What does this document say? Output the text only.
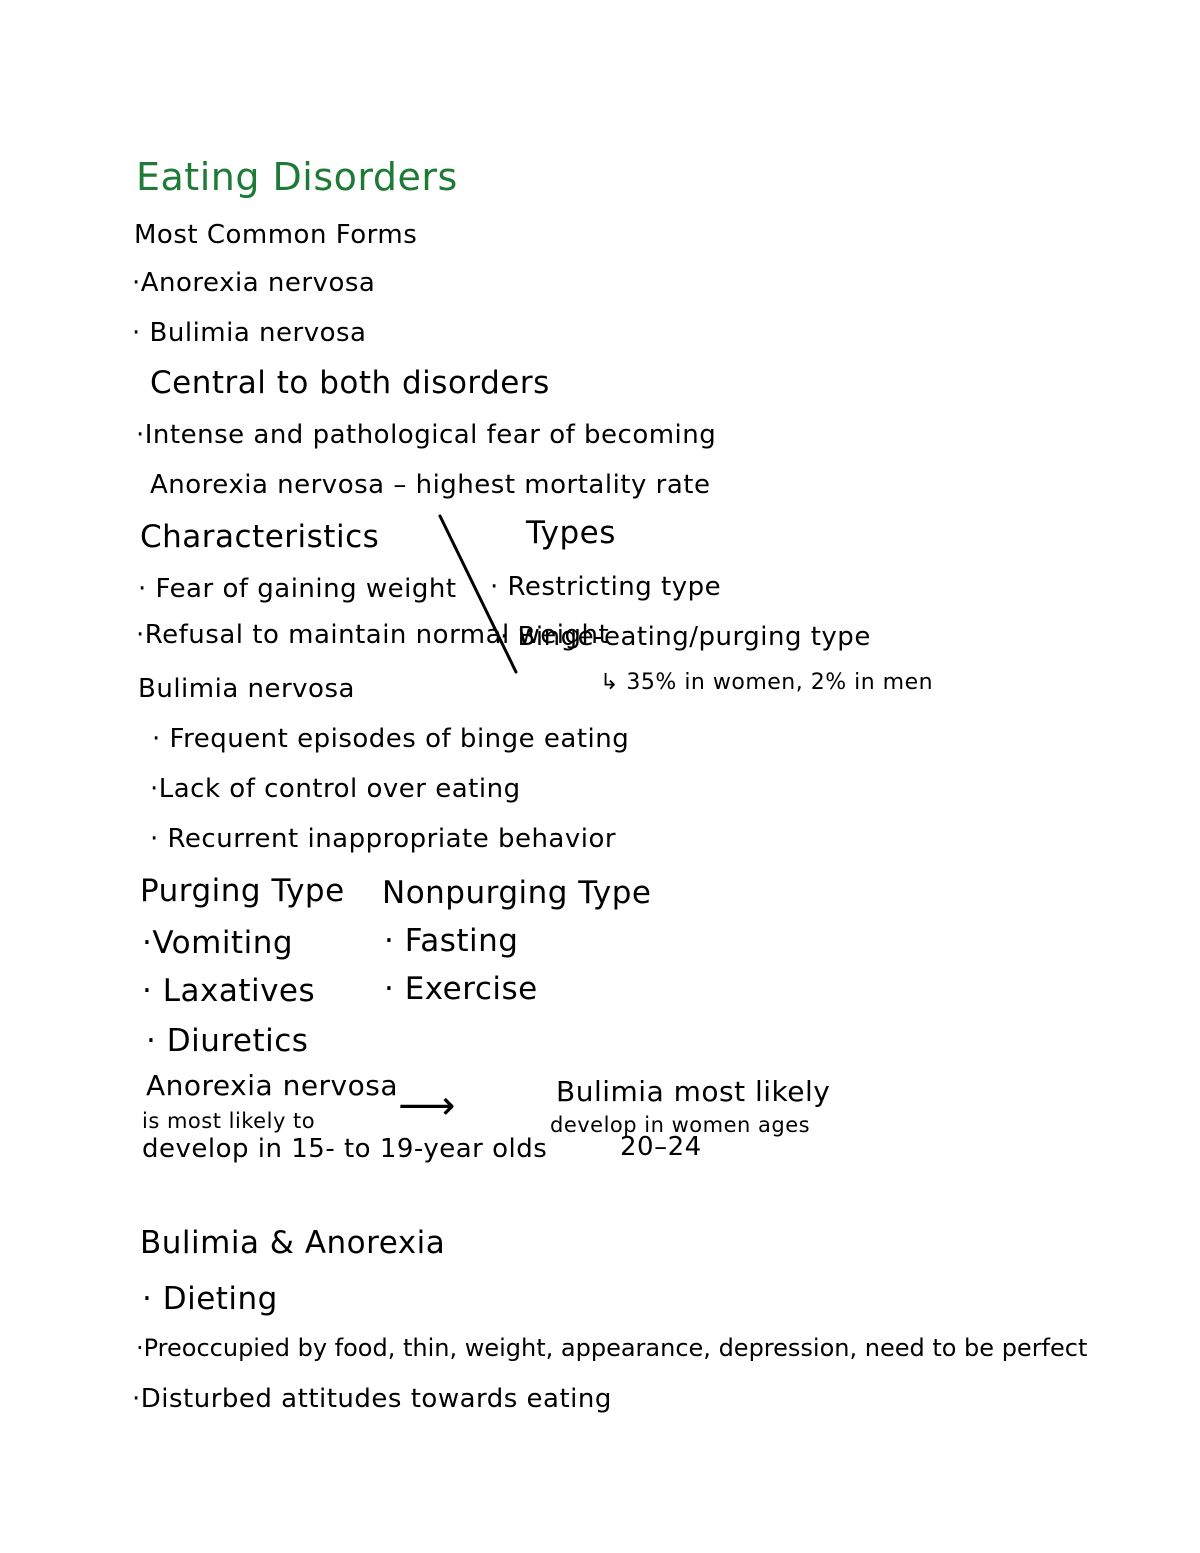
Eating Disorders
Most Common Forms
·Anorexia nervosa
· Bulimia nervosa
Central to both disorders
·Intense and pathological fear of becoming
Anorexia nervosa – highest mortality rate
Characteristics
· Fear of gaining weight
·Refusal to maintain normal weight
Types
· Restricting type
· Binge-eating/purging type
↳ 35% in women, 2% in men
Bulimia nervosa
· Frequent episodes of binge eating
·Lack of control over eating
· Recurrent inappropriate behavior
Purging Type
·Vomiting
· Laxatives
· Diuretics
Nonpurging Type
· Fasting
· Exercise
Anorexia nervosa
is most likely to
develop in 15- to 19-year olds
⟶	Bulimia most likely
develop in women ages
20–24
Bulimia & Anorexia
· Dieting
·Preoccupied by food, thin, weight, appearance, depression, need to be perfect
·Disturbed attitudes towards eating
